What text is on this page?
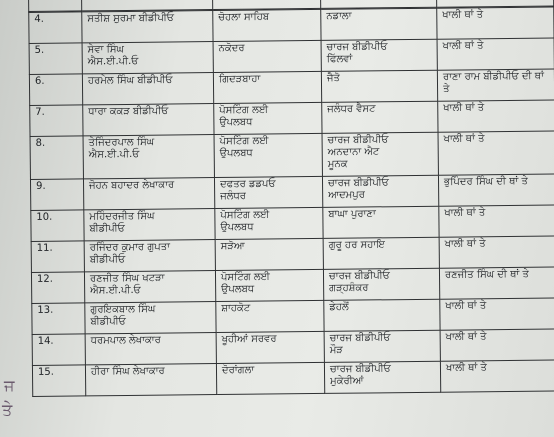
4.	ਸਤੀਸ਼ ਸੁਰਮਾ ਬੀਡੀਪੀਓ	ਚੋਹਲਾ ਸਾਹਿਬ	ਨਡਾਲਾ	ਖਾਲੀ ਥਾਂ ਤੇ
5.	ਸੇਵਾ ਸਿੰਘ
ਐਸ.ਈ.ਪੀ.ਓ	ਨਕੋਦਰ	ਚਾਰਜ ਬੀਡੀਪੀਓ
ਫਿੱਲਵਾਂ	ਖਾਲੀ ਥਾਂ ਤੇ
6.	ਹਰਮੇਲ ਸਿੰਘ ਬੀਡੀਪੀਓ	ਗਿਦੜਬਾਹਾ	ਜੈਤੋ	ਰਾਣਾ ਰਾਮ ਬੀਡੀਪੀਓ ਦੀ ਥਾਂ
ਤੇ
7.	ਧਾਰਾ ਕਕੜ ਬੀਡੀਪੀਓ	ਪੋਸਟਿੰਗ ਲਈ
ਉਪਲਬਧ	ਜਲੰਧਰ ਵੈਸਟ	ਖਾਲੀ ਥਾਂ ਤੇ
8.	ਤੇਜਿੰਦਰਪਾਲ ਸਿੰਘ
ਐਸ.ਈ.ਪੀ.ਓ	ਪੋਸਟਿੰਗ ਲਈ
ਉਪਲਬਧ	ਚਾਰਜ ਬੀਡੀਪੀਓ
ਅਨਦਾਨਾ ਐਟ
ਮੂਨਕ	ਖਾਲੀ ਥਾਂ ਤੇ
9.	ਜੋਹਨ ਬਹਾਦਰ ਲੇਖਾਕਾਰ	ਦਫਤਰ ਡਡਪਓ
ਜਲੰਧਰ	ਚਾਰਜ ਬੀਡੀਪੀਓ
ਆਦਮਪੁਰ	ਭੁਪਿੰਦਰ ਸਿੰਘ ਦੀ ਥਾਂ ਤੇ
10.	ਮਹਿੰਦਰਜੀਤ ਸਿੰਘ
ਬੀਡੀਪੀਓ	ਪੋਸਟਿੰਗ ਲਈ
ਉਪਲਬਧ	ਬਾਘਾ ਪੁਰਾਣਾ	ਖਾਲੀ ਥਾਂ ਤੇ
11.	ਰਜਿੰਦਰ ਕੁਮਾਰ ਗੁਪਤਾ
ਬੀਡੀਪੀਓ	ਸੜੋਆ	ਗੁਰੂ ਹਰ ਸਹਾਇ	ਖਾਲੀ ਥਾਂ ਤੇ
12.	ਰਣਜੀਤ ਸਿੰਘ ਖਟੜਾ
ਐਸ.ਈ.ਪੀ.ਓ	ਪੋਸਟਿੰਗ ਲਈ
ਉਪਲਬਧ	ਚਾਰਜ ਬੀਡੀਪੀਓ
ਗੜ੍ਹਸ਼ੰਕਰ	ਰਣਜੀਤ ਸਿੰਘ ਦੀ ਥਾਂ ਤੇ
13.	ਗੁਰਇਕਬਾਲ ਸਿੰਘ
ਬੀਡੀਪੀਓ	ਸ਼ਾਹਕੋਟ	ਡੇਹਲੋਂ	ਖਾਲੀ ਥਾਂ ਤੇ
14.	ਧਰਮਪਾਲ ਲੇਖਾਕਾਰ	ਖੂਹੀਆਂ ਸਰਵਰ	ਚਾਰਜ ਬੀਡੀਪੀਓ
ਮੌੜ	ਖਾਲੀ ਥਾਂ ਤੇ
15.	ਹੀਰਾ ਸਿੰਘ ਲੇਖਾਕਾਰ	ਦੋਰਾਂਗਲਾ	ਚਾਰਜ ਬੀਡੀਪੀਓ
ਮੁਕੇਰੀਆਂ	ਖਾਲੀ ਥਾਂ ਤੇ
ਜ
ਤੇ
